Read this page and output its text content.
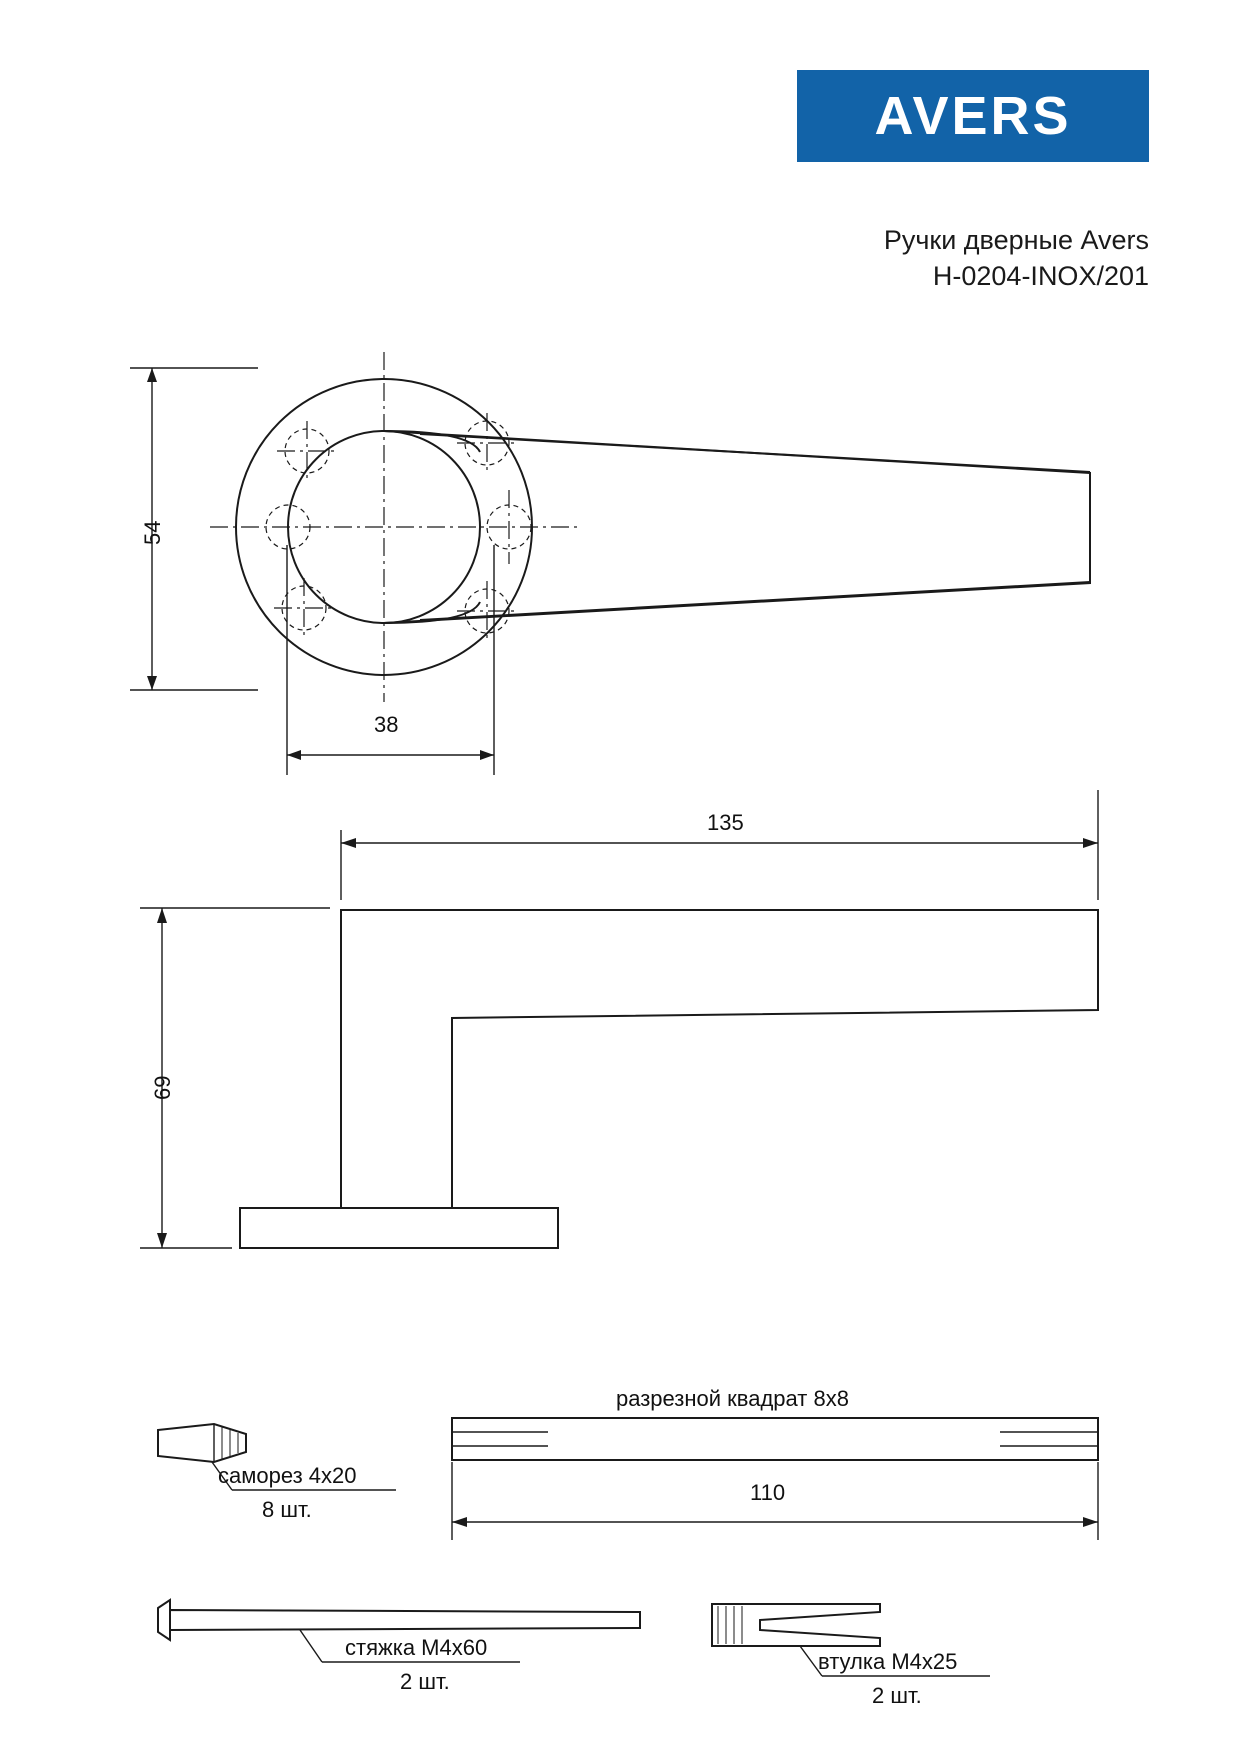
AVERS
Ручки дверные Avers
H-0204-INOX/201
54
38
135
69
110
саморез 4x20
8 шт.
разрезной квадрат 8х8
стяжка M4x60
2 шт.
втулка M4x25
2 шт.
